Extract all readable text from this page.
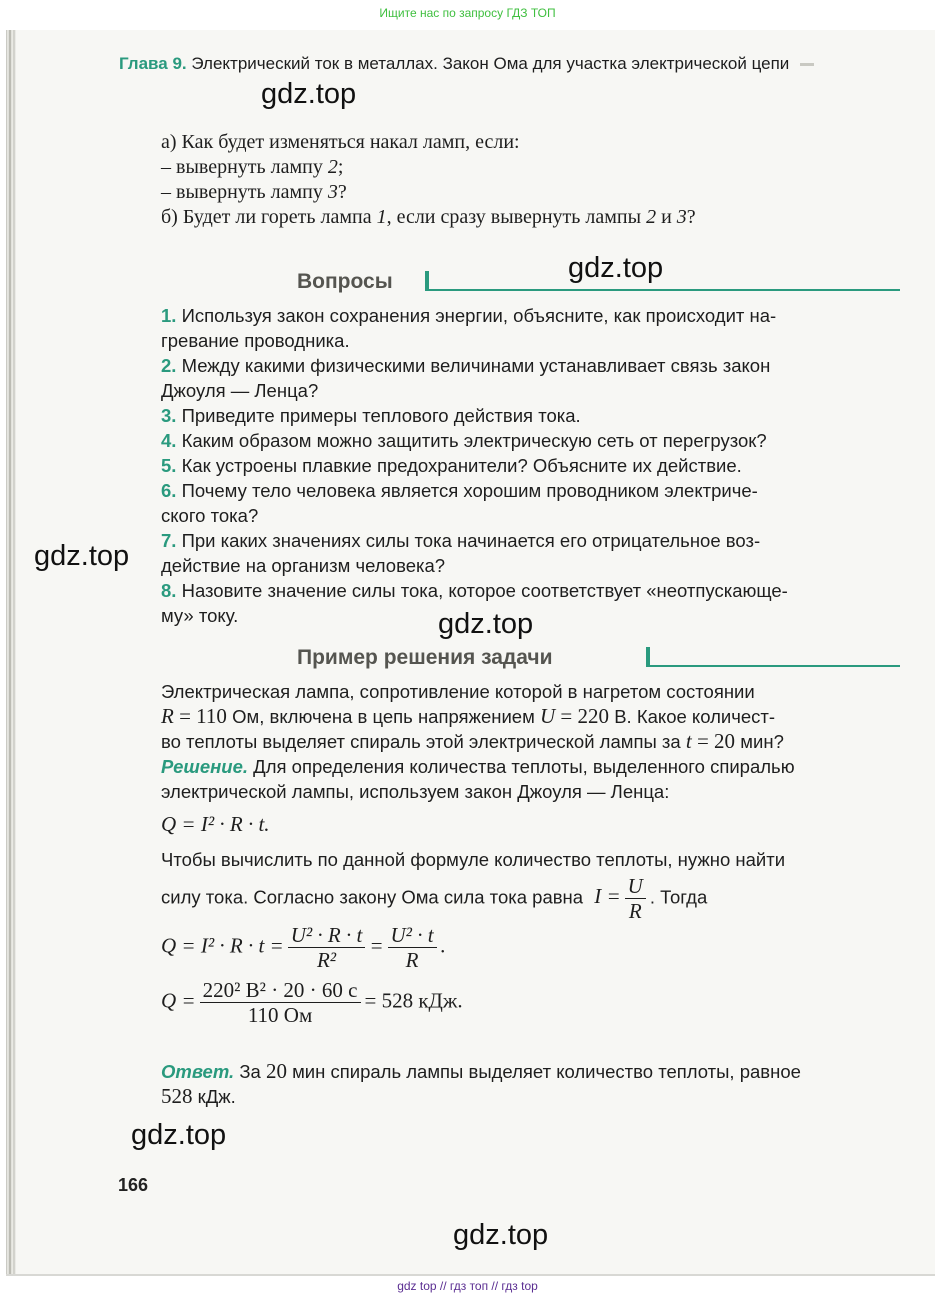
Ищите нас по запросу ГДЗ ТОП
Глава 9. Электрический ток в металлах. Закон Ома для участка электрической цепи
gdz.top
а) Как будет изменяться накал ламп, если:
– вывернуть лампу 2;
– вывернуть лампу 3?
б) Будет ли гореть лампа 1, если сразу вывернуть лампы 2 и 3?
Вопросы	gdz.top
1. Используя закон сохранения энергии, объясните, как происходит на-
гревание проводника.
2. Между какими физическими величинами устанавливает связь закон
Джоуля — Ленца?
3. Приведите примеры теплового действия тока.
4. Каким образом можно защитить электрическую сеть от перегрузок?
5. Как устроены плавкие предохранители? Объясните их действие.
6. Почему тело человека является хорошим проводником электриче-
ского тока?
7. При каких значениях силы тока начинается его отрицательное воз-
действие на организм человека?
8. Назовите значение силы тока, которое соответствует «неотпускающе-
му» току.
gdz.top
gdz.top
Пример решения задачи
Электрическая лампа, сопротивление которой в нагретом состоянии
R = 110 Ом, включена в цепь напряжением U = 220 В. Какое количест-
во теплоты выделяет спираль этой электрической лампы за t = 20 мин?
Решение. Для определения количества теплоты, выделенного спиралью
электрической лампы, используем закон Джоуля — Ленца:
Q = I² · R · t.
Чтобы вычислить по данной формуле количество теплоты, нужно найти
силу тока. Согласно закону Ома сила тока равна $I = \frac{U}{R}$ . Тогда
$Q = I^2 \cdot R \cdot t = \frac{\text{U² · R · t}}{\text{R²}} = \frac{\text{U² · t}}{R}$ .
$Q = \frac{\text{220² В² · 20 · 60 с}}{110 Ом} = 528$ кДж.
Ответ. За 20 мин спираль лампы выделяет количество теплоты, равное
528 кДж.
gdz.top
166
gdz.top
gdz top // гдз топ // гдз top
